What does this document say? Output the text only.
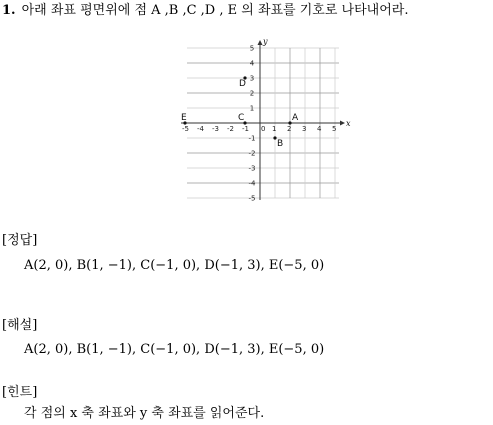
1. 아래 좌표 평면위에 점 A ,B ,C ,D , E 의 좌표를 기호로 나타내어라.
x
y
-5 -4 -3 -2 -1	1 2 3 4 5
0
5
4
3
2
1
-1
-2
-3
-4
-5
A
B
C
D
E
[정답]
A(2, 0), B(1, −1), C(−1, 0), D(−1, 3), E(−5, 0)
[해설]
A(2, 0), B(1, −1), C(−1, 0), D(−1, 3), E(−5, 0)
[힌트]
각 점의 x 축 좌표와 y 축 좌표를 읽어준다.
